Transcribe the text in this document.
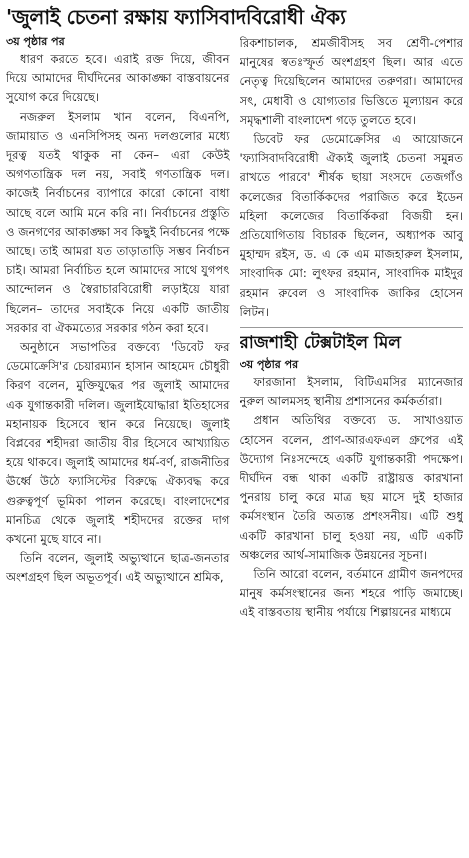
'জুলাই চেতনা রক্ষায় ফ্যাসিবাদবিরোধী ঐক্য
৩য় পৃষ্ঠার পর

ধারণ করতে হবে। এরাই রক্ত দিয়ে, জীবন দিয়ে আমাদের দীর্ঘদিনের আকাঙ্ক্ষা বাস্তবায়নের সুযোগ করে দিয়েছে।

নজরুল ইসলাম খান বলেন, বিএনপি, জামায়াত ও এনসিপিসহ অন্য দলগুলোর মধ্যে দূরত্ব যতই থাকুক না কেন– এরা কেউই অগণতান্ত্রিক দল নয়, সবাই গণতান্ত্রিক দল। কাজেই নির্বাচনের ব্যাপারে কারো কোনো বাধা আছে বলে আমি মনে করি না। নির্বাচনের প্রস্তুতি ও জনগণের আকাঙ্ক্ষা সব কিছুই নির্বাচনের পক্ষে আছে। তাই আমরা যত তাড়াতাড়ি সম্ভব নির্বাচন চাই। আমরা নির্বাচিত হলে আমাদের সাথে যুগপৎ আন্দোলন ও স্বৈরাচারবিরোধী লড়াইয়ে যারা ছিলেন– তাদের সবাইকে নিয়ে একটি জাতীয় সরকার বা ঐকমত্যের সরকার গঠন করা হবে।

অনুষ্ঠানে সভাপতির বক্তব্যে 'ডিবেট ফর ডেমোক্রেসি'র চেয়ারম্যান হাসান আহমেদ চৌধুরী কিরণ বলেন, মুক্তিযুদ্ধের পর জুলাই আমাদের এক যুগান্তকারী দলিল। জুলাইযোদ্ধারা ইতিহাসের মহানায়ক হিসেবে স্থান করে নিয়েছে। জুলাই বিপ্লবের শহীদরা জাতীয় বীর হিসেবে আখ্যায়িত হয়ে থাকবে। জুলাই আমাদের ধর্ম-বর্ণ, রাজনীতির ঊর্ধ্বে উঠে ফ্যাসিস্টের বিরুদ্ধে ঐক্যবদ্ধ করে গুরুত্বপূর্ণ ভূমিকা পালন করেছে। বাংলাদেশের মানচিত্র থেকে জুলাই শহীদদের রক্তের দাগ কখনো মুছে যাবে না।

তিনি বলেন, জুলাই অভ্যুত্থানে ছাত্র-জনতার অংশগ্রহণ ছিল অভূতপূর্ব। এই অভ্যুত্থানে শ্রমিক,

রিকশাচালক, শ্রমজীবীসহ সব শ্রেণী-পেশার মানুষের স্বতঃস্ফূর্ত অংশগ্রহণ ছিল। আর এতে নেতৃত্ব দিয়েছিলেন আমাদের তরুণরা। আমাদের সৎ, মেধাবী ও যোগ্যতার ভিত্তিতে মূল্যায়ন করে সমৃদ্ধশালী বাংলাদেশ গড়ে তুলতে হবে।

ডিবেট ফর ডেমোক্রেসির এ আয়োজনে 'ফ্যাসিবাদবিরোধী ঐক্যই জুলাই চেতনা সমুন্নত রাখতে পারবে' শীর্ষক ছায়া সংসদে তেজগাঁও কলেজের বিতার্কিকদের পরাজিত করে ইডেন মহিলা কলেজের বিতার্কিকরা বিজয়ী হন। প্রতিযোগিতায় বিচারক ছিলেন, অধ্যাপক আবু মুহাম্মদ রইস, ড. এ কে এম মাজহারুল ইসলাম, সাংবাদিক মো: লুৎফর রহমান, সাংবাদিক মাইদুর রহমান রুবেল ও সাংবাদিক জাকির হোসেন লিটন।

রাজশাহী টেক্সটাইল মিল
৩য় পৃষ্ঠার পর

ফারজানা ইসলাম, বিটিএমসির ম্যানেজার নুরুল আলমসহ স্থানীয় প্রশাসনের কর্মকর্তারা।

প্রধান অতিথির বক্তব্যে ড. সাখাওয়াত হোসেন বলেন, প্রাণ-আরএফএল গ্রুপের এই উদ্যোগ নিঃসন্দেহে একটি যুগান্তকারী পদক্ষেপ। দীর্ঘদিন বন্ধ থাকা একটি রাষ্ট্রায়ত্ত কারখানা পুনরায় চালু করে মাত্র ছয় মাসে দুই হাজার কর্মসংস্থান তৈরি অত্যন্ত প্রশংসনীয়। এটি শুধু একটি কারখানা চালু হওয়া নয়, এটি একটি অঞ্চলের আর্থ-সামাজিক উন্নয়নের সূচনা।

তিনি আরো বলেন, বর্তমানে গ্রামীণ জনপদের মানুষ কর্মসংস্থানের জন্য শহরে পাড়ি জমাচ্ছে। এই বাস্তবতায় স্থানীয় পর্যায়ে শিল্পায়নের মাধ্যমে
